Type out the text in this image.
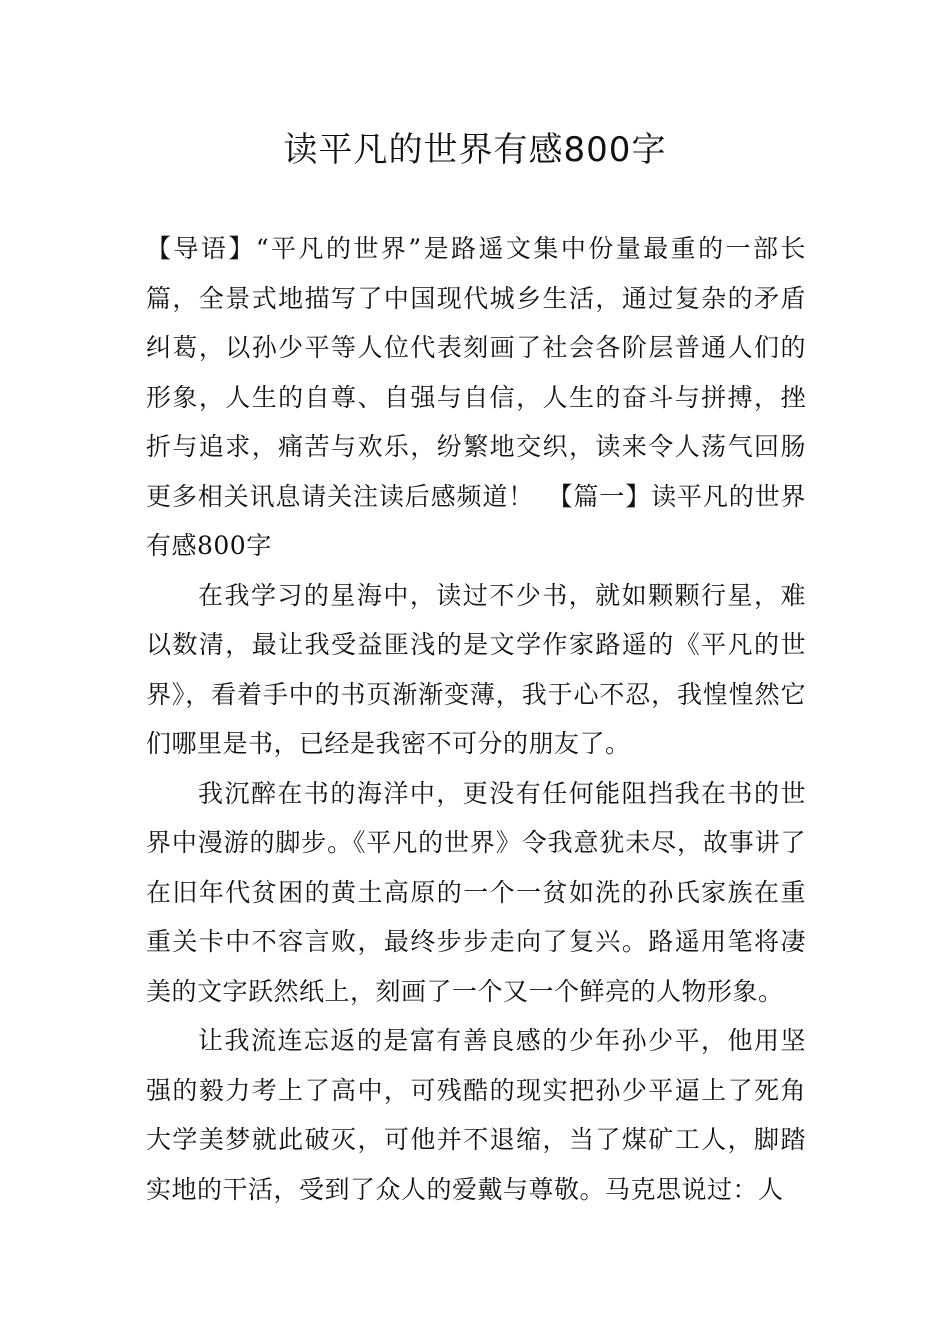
读平凡的世界有感800字

【导语】“平凡的世界”是路遥文集中份量最重的一部长篇，全景式地描写了中国现代城乡生活，通过复杂的矛盾纠葛，以孙少平等人位代表刻画了社会各阶层普通人们的形象，人生的自尊、自强与自信，人生的奋斗与拼搏，挫折与追求，痛苦与欢乐，纷繁地交织，读来令人荡气回肠更多相关讯息请关注读后感频道！　【篇一】读平凡的世界有感800字

在我学习的星海中，读过不少书，就如颗颗行星，难以数清，最让我受益匪浅的是文学作家路遥的《平凡的世界》，看着手中的书页渐渐变薄，我于心不忍，我惶惶然它们哪里是书，已经是我密不可分的朋友了。

我沉醉在书的海洋中，更没有任何能阻挡我在书的世界中漫游的脚步。《平凡的世界》令我意犹未尽，故事讲了在旧年代贫困的黄土高原的一个一贫如洗的孙氏家族在重重关卡中不容言败，最终步步走向了复兴。路遥用笔将凄美的文字跃然纸上，刻画了一个又一个鲜亮的人物形象。

让我流连忘返的是富有善良感的少年孙少平，他用坚强的毅力考上了高中，可残酷的现实把孙少平逼上了死角大学美梦就此破灭，可他并不退缩，当了煤矿工人，脚踏实地的干活，受到了众人的爱戴与尊敬。马克思说过：人
